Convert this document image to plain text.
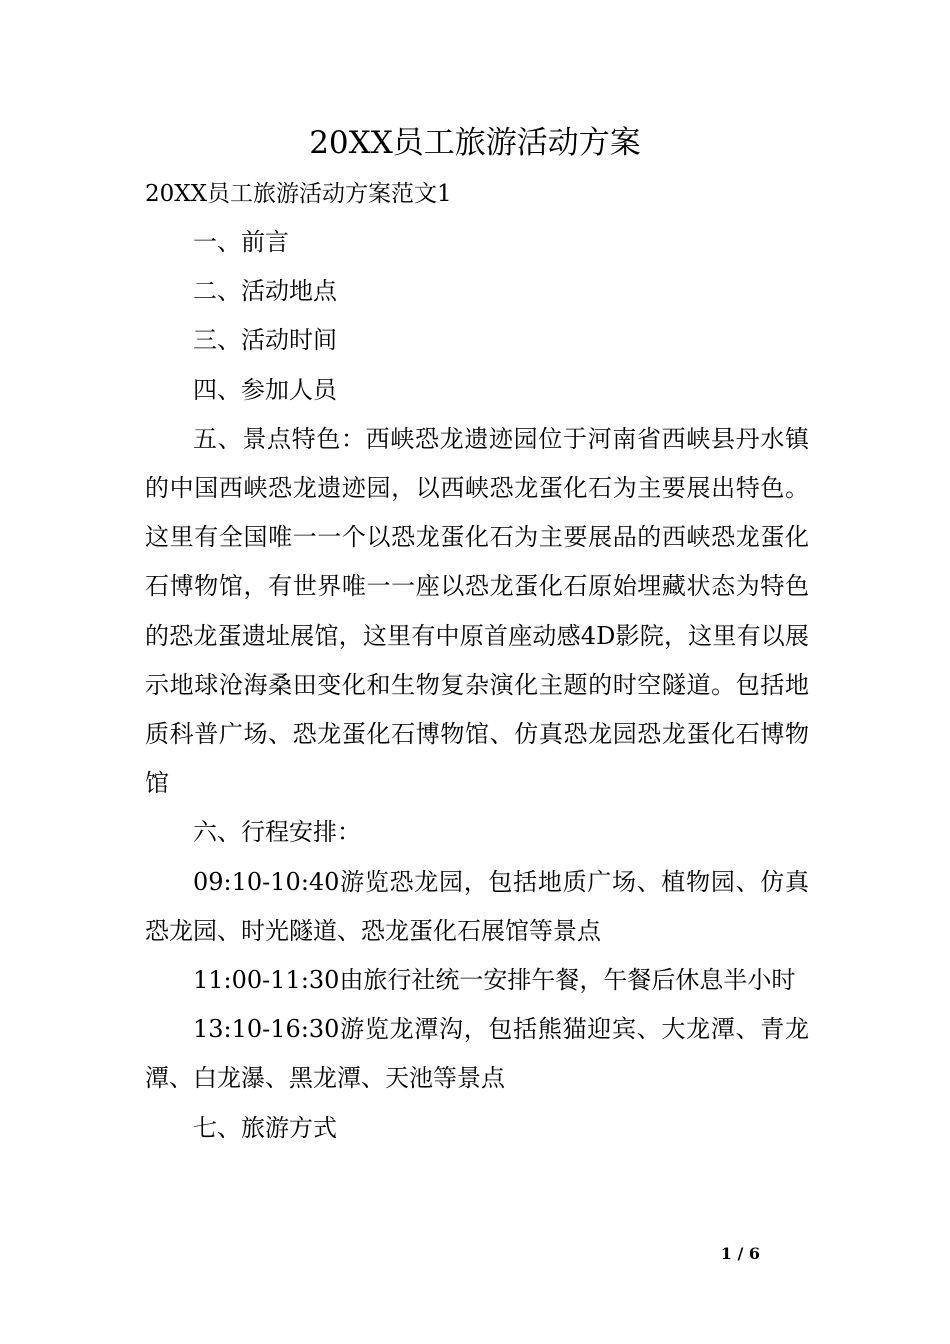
20XX员工旅游活动方案
20XX员工旅游活动方案范文1

一、前言

二、活动地点

三、活动时间

四、参加人员

五、景点特色：西峡恐龙遗迹园位于河南省西峡县丹水镇的中国西峡恐龙遗迹园，以西峡恐龙蛋化石为主要展出特色。这里有全国唯一一个以恐龙蛋化石为主要展品的西峡恐龙蛋化石博物馆，有世界唯一一座以恐龙蛋化石原始埋藏状态为特色的恐龙蛋遗址展馆，这里有中原首座动感4D影院，这里有以展示地球沧海桑田变化和生物复杂演化主题的时空隧道。包括地质科普广场、恐龙蛋化石博物馆、仿真恐龙园恐龙蛋化石博物馆

六、行程安排：

09:10-10:40游览恐龙园，包括地质广场、植物园、仿真恐龙园、时光隧道、恐龙蛋化石展馆等景点

11:00-11:30由旅行社统一安排午餐，午餐后休息半小时

13:10-16:30游览龙潭沟，包括熊猫迎宾、大龙潭、青龙潭、白龙瀑、黑龙潭、天池等景点

七、旅游方式

1 / 6
